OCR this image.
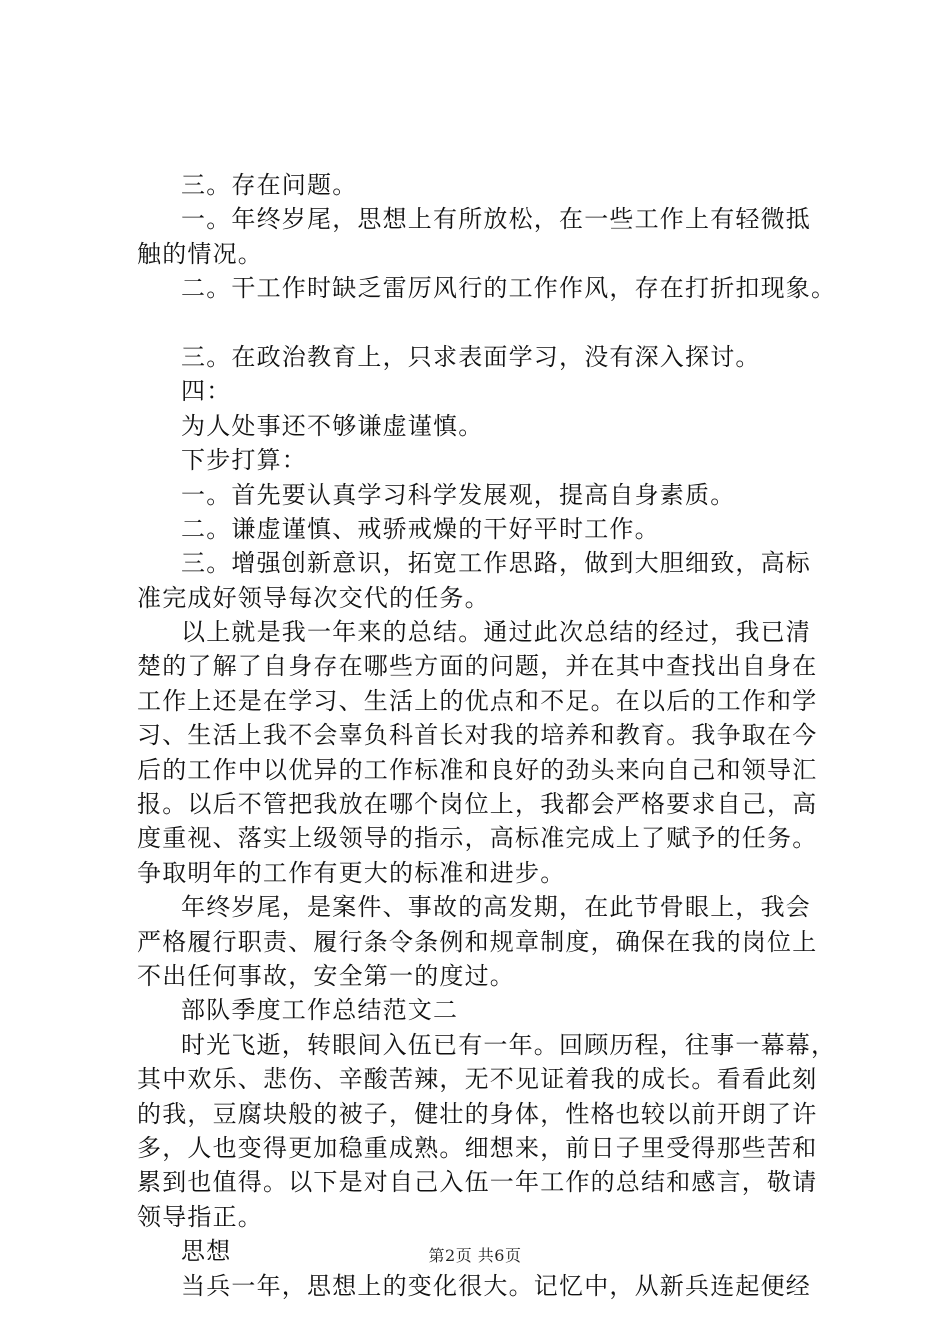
三。存在问题。
一。年终岁尾，思想上有所放松，在一些工作上有轻微抵
触的情况。
二。干工作时缺乏雷厉风行的工作作风，存在打折扣现象。
三。在政治教育上，只求表面学习，没有深入探讨。
四：
为人处事还不够谦虚谨慎。
下步打算：
一。首先要认真学习科学发展观，提高自身素质。
二。谦虚谨慎、戒骄戒燥的干好平时工作。
三。增强创新意识，拓宽工作思路，做到大胆细致，高标
准完成好领导每次交代的任务。
以上就是我一年来的总结。通过此次总结的经过，我已清
楚的了解了自身存在哪些方面的问题，并在其中查找出自身在
工作上还是在学习、生活上的优点和不足。在以后的工作和学
习、生活上我不会辜负科首长对我的培养和教育。我争取在今
后的工作中以优异的工作标准和良好的劲头来向自己和领导汇
报。以后不管把我放在哪个岗位上，我都会严格要求自己，高
度重视、落实上级领导的指示，高标准完成上了赋予的任务。
争取明年的工作有更大的标准和进步。
年终岁尾，是案件、事故的高发期，在此节骨眼上，我会
严格履行职责、履行条令条例和规章制度，确保在我的岗位上
不出任何事故，安全第一的度过。
部队季度工作总结范文二
时光飞逝，转眼间入伍已有一年。回顾历程，往事一幕幕，
其中欢乐、悲伤、辛酸苦辣，无不见证着我的成长。看看此刻
的我，豆腐块般的被子，健壮的身体，性格也较以前开朗了许
多，人也变得更加稳重成熟。细想来，前日子里受得那些苦和
累到也值得。以下是对自己入伍一年工作的总结和感言，敬请
领导指正。
思想
当兵一年，思想上的变化很大。记忆中，从新兵连起便经
第2页 共6页
